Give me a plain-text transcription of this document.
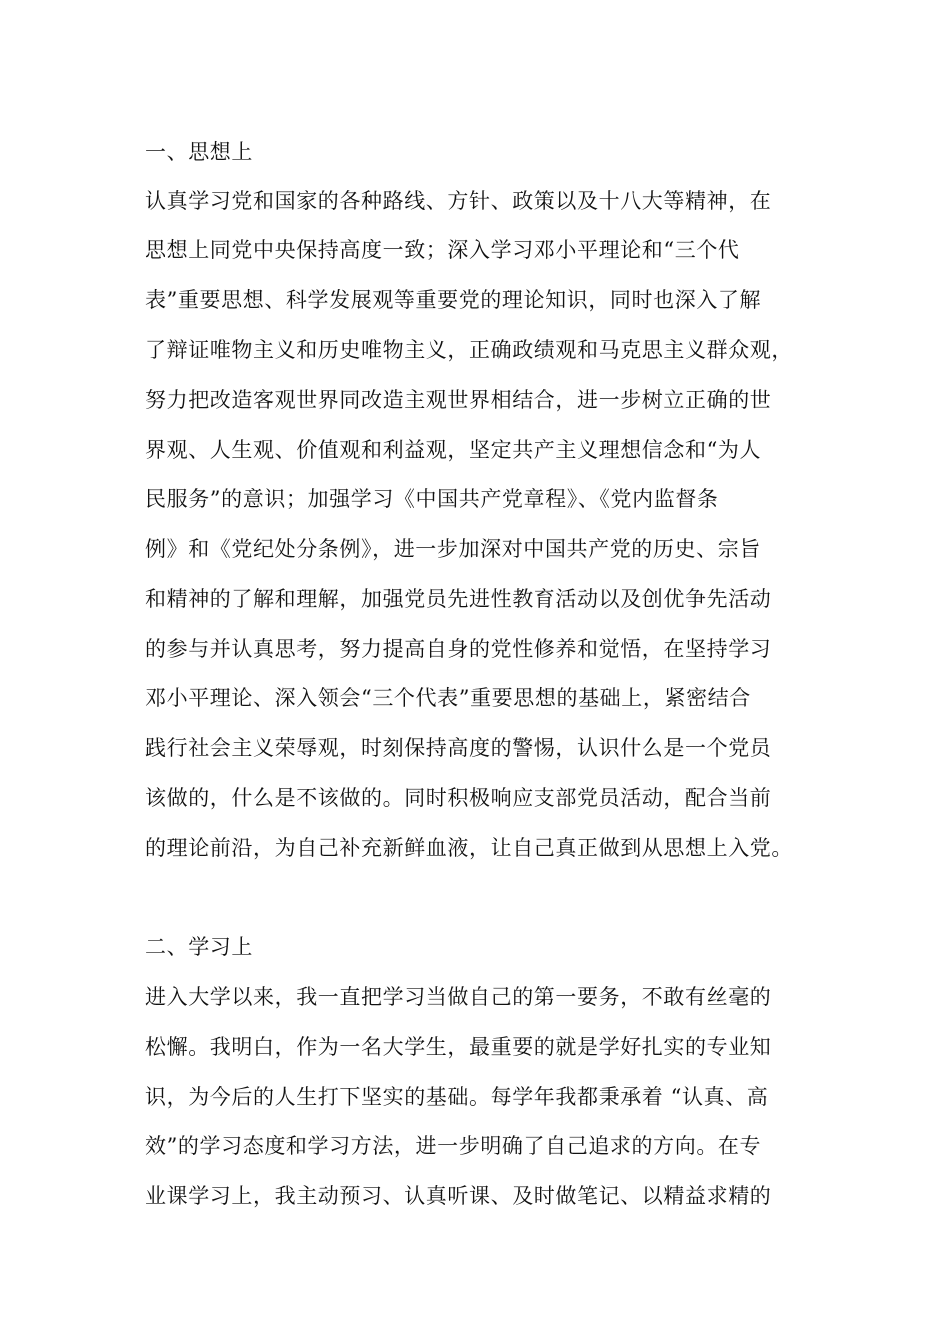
一、思想上

认真学习党和国家的各种路线、方针、政策以及十八大等精神，在

思想上同党中央保持高度一致；深入学习邓小平理论和“三个代

表”重要思想、科学发展观等重要党的理论知识，同时也深入了解

了辩证唯物主义和历史唯物主义，正确政绩观和马克思主义群众观，

努力把改造客观世界同改造主观世界相结合，进一步树立正确的世

界观、人生观、价值观和利益观，坚定共产主义理想信念和“为人

民服务”的意识；加强学习《中国共产党章程》、《党内监督条

例》和《党纪处分条例》，进一步加深对中国共产党的历史、宗旨

和精神的了解和理解，加强党员先进性教育活动以及创优争先活动

的参与并认真思考，努力提高自身的党性修养和觉悟，在坚持学习

邓小平理论、深入领会“三个代表”重要思想的基础上，紧密结合

践行社会主义荣辱观，时刻保持高度的警惕，认识什么是一个党员

该做的，什么是不该做的。同时积极响应支部党员活动，配合当前

的理论前沿，为自己补充新鲜血液，让自己真正做到从思想上入党。

二、学习上

进入大学以来，我一直把学习当做自己的第一要务，不敢有丝毫的

松懈。我明白，作为一名大学生，最重要的就是学好扎实的专业知

识，为今后的人生打下坚实的基础。每学年我都秉承着 “认真、高

效”的学习态度和学习方法，进一步明确了自己追求的方向。在专

业课学习上，我主动预习、认真听课、及时做笔记、以精益求精的
